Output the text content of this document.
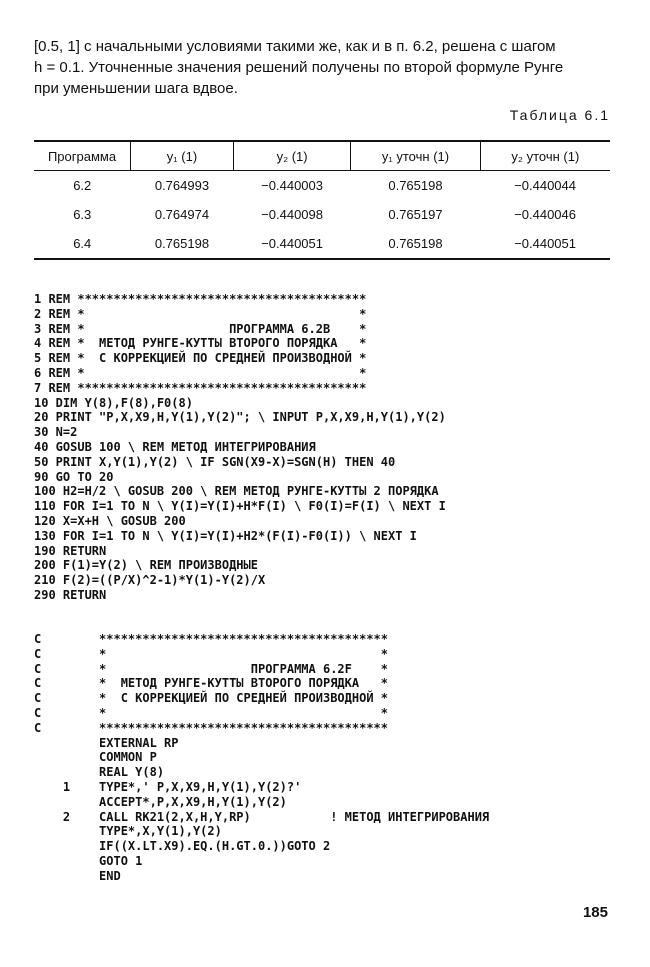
[0.5, 1] с начальными условиями такими же, как и в п. 6.2, решена с шагом

h = 0.1. Уточненные значения решений получены по второй формуле Рунге

при уменьшении шага вдвое.

Таблица 6.1
Программа	y₁ (1)	y₂ (1)	y₁ уточн (1)	y₂ уточн (1)
6.2	0.764993	−0.440003	0.765198	−0.440044
6.3	0.764974	−0.440098	0.765197	−0.440046
6.4	0.765198	−0.440051	0.765198	−0.440051
1 REM ****************************************
2 REM *                                      *
3 REM *                    ПРОГРАММА 6.2B    *
4 REM *  МЕТОД РУНГЕ-КУТТЫ ВТОРОГО ПОРЯДКА   *
5 REM *  С КОРРЕКЦИЕЙ ПО СРЕДНЕЙ ПРОИЗВОДНОЙ *
6 REM *                                      *
7 REM ****************************************
10 DIM Y(8),F(8),F0(8)
20 PRINT "P,X,X9,H,Y(1),Y(2)"; \ INPUT P,X,X9,H,Y(1),Y(2)
30 N=2
40 GOSUB 100 \ REM МЕТОД ИНТЕГРИРОВАНИЯ
50 PRINT X,Y(1),Y(2) \ IF SGN(X9-X)=SGN(H) THEN 40
90 GO TO 20
100 H2=H/2 \ GOSUB 200 \ REM МЕТОД РУНГЕ-КУТТЫ 2 ПОРЯДКА
110 FOR I=1 TO N \ Y(I)=Y(I)+H*F(I) \ F0(I)=F(I) \ NEXT I
120 X=X+H \ GOSUB 200
130 FOR I=1 TO N \ Y(I)=Y(I)+H2*(F(I)-F0(I)) \ NEXT I
190 RETURN
200 F(1)=Y(2) \ REM ПРОИЗВОДНЫЕ
210 F(2)=((P/X)^2-1)*Y(1)-Y(2)/X
290 RETURN
C        ****************************************
C        *                                      *
C        *                    ПРОГРАММА 6.2F    *
C        *  МЕТОД РУНГЕ-КУТТЫ ВТОРОГО ПОРЯДКА   *
C        *  С КОРРЕКЦИЕЙ ПО СРЕДНЕЙ ПРОИЗВОДНОЙ *
C        *                                      *
C        ****************************************
EXTERNAL RP
COMMON P
REAL Y(8)
1    TYPE*,' P,X,X9,H,Y(1),Y(2)?'
ACCEPT*,P,X,X9,H,Y(1),Y(2)
2    CALL RK21(2,X,H,Y,RP)           ! МЕТОД ИНТЕГРИРОВАНИЯ
TYPE*,X,Y(1),Y(2)
IF((X.LT.X9).EQ.(H.GT.0.))GOTO 2
GOTO 1
END
185
